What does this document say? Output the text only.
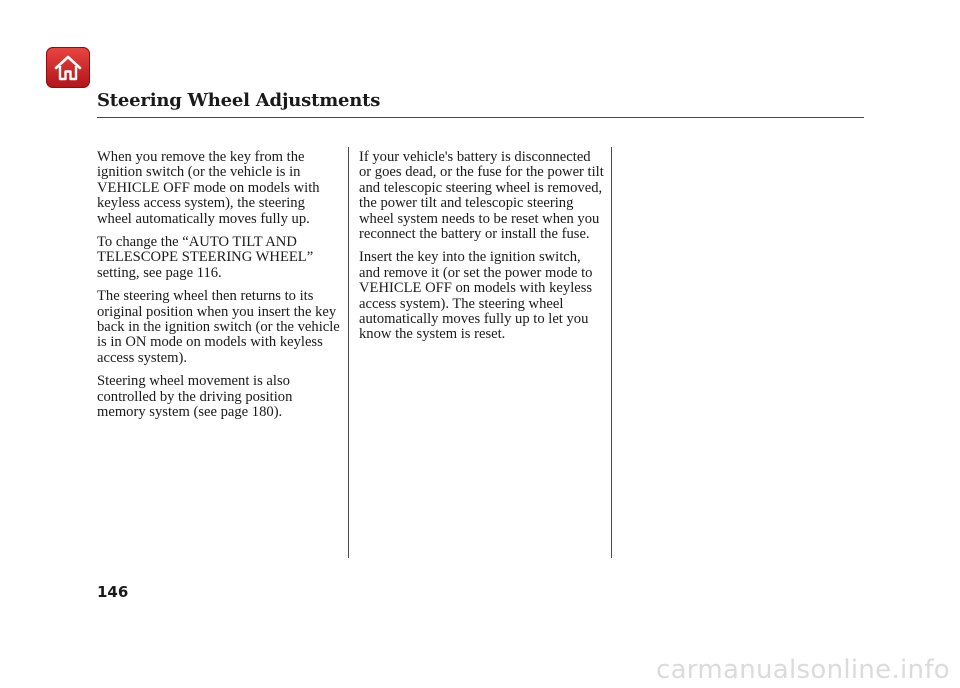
Steering Wheel Adjustments

When you remove the key from the ignition switch (or the vehicle is in VEHICLE OFF mode on models with keyless access system), the steering wheel automatically moves fully up.

To change the “AUTO TILT AND TELESCOPE STEERING WHEEL” setting, see page 116.

The steering wheel then returns to its original position when you insert the key back in the ignition switch (or the vehicle is in ON mode on models with keyless access system).

Steering wheel movement is also controlled by the driving position memory system (see page 180).

If your vehicle's battery is disconnected or goes dead, or the fuse for the power tilt and telescopic steering wheel is removed, the power tilt and telescopic steering wheel system needs to be reset when you reconnect the battery or install the fuse.

Insert the key into the ignition switch, and remove it (or set the power mode to VEHICLE OFF on models with keyless access system). The steering wheel automatically moves fully up to let you know the system is reset.

146
carmanualsonline.info
